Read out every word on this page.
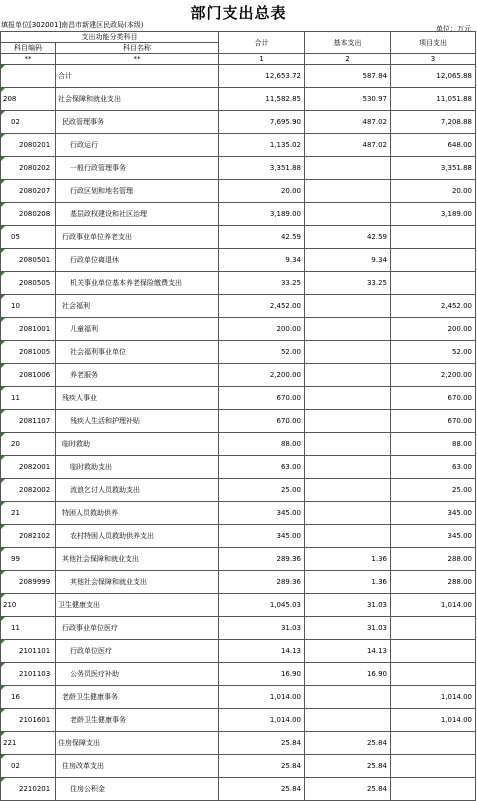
部门支出总表
填报单位[302001]南昌市新建区民政局(本级)	单位：万元
支出功能分类科目		合计	基本支出	项目支出
科目编码	科目名称			
**	**	1	2	3
	合计	12,653.72	587.84	12,065.88
208	社会保障和就业支出	11,582.85	530.97	11,051.88
02	民政管理事务	7,695.90	487.02	7,208.88
2080201	行政运行	1,135.02	487.02	648.00
2080202	一般行政管理事务	3,351.88		3,351.88
2080207	行政区划和地名管理	20.00		20.00
2080208	基层政权建设和社区治理	3,189.00		3,189.00
05	行政事业单位养老支出	42.59	42.59	
2080501	行政单位离退休	9.34	9.34	
2080505	机关事业单位基本养老保险缴费支出	33.25	33.25	
10	社会福利	2,452.00		2,452.00
2081001	儿童福利	200.00		200.00
2081005	社会福利事业单位	52.00		52.00
2081006	养老服务	2,200.00		2,200.00
11	残疾人事业	670.00		670.00
2081107	残疾人生活和护理补贴	670.00		670.00
20	临时救助	88.00		88.00
2082001	临时救助支出	63.00		63.00
2082002	流浪乞讨人员救助支出	25.00		25.00
21	特困人员救助供养	345.00		345.00
2082102	农村特困人员救助供养支出	345.00		345.00
99	其他社会保障和就业支出	289.36	1.36	288.00
2089999	其他社会保障和就业支出	289.36	1.36	288.00
210	卫生健康支出	1,045.03	31.03	1,014.00
11	行政事业单位医疗	31.03	31.03	
2101101	行政单位医疗	14.13	14.13	
2101103	公务员医疗补助	16.90	16.90	
16	老龄卫生健康事务	1,014.00		1,014.00
2101601	老龄卫生健康事务	1,014.00		1,014.00
221	住房保障支出	25.84	25.84	
02	住房改革支出	25.84	25.84	
2210201	住房公积金	25.84	25.84	
